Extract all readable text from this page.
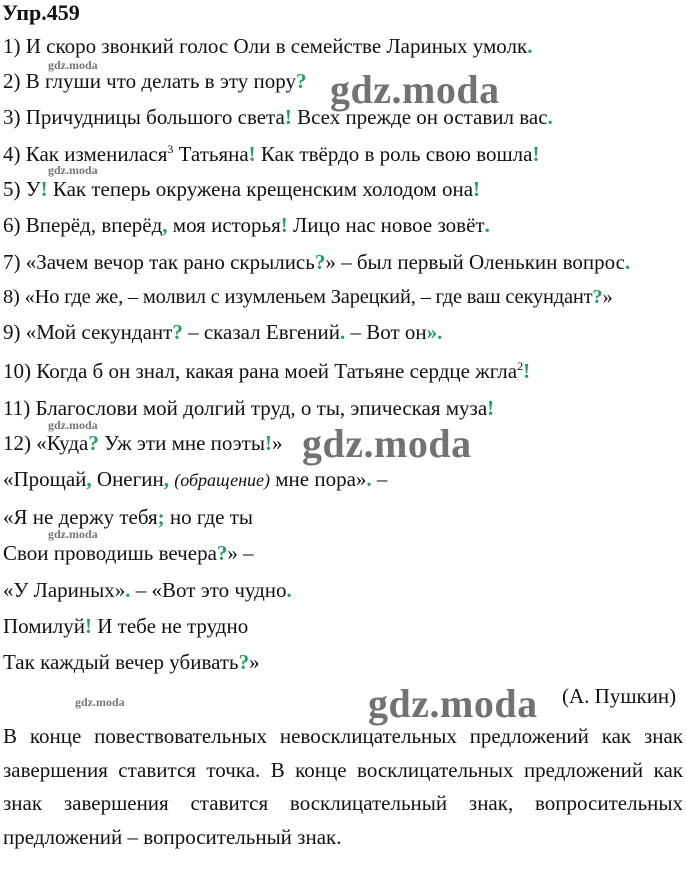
Упр.459
1) И скоро звонкий голос Оли в семействе Лариных умолк.
2) В глуши что делать в эту пору?
3) Причудницы большого света! Всех прежде он оставил вас.
4) Как изменилася$^3$ Татьяна! Как твёрдо в роль свою вошла!
5) У! Как теперь окружена крещенским холодом она!
6) Вперёд, вперёд, моя исторья! Лицо нас новое зовёт.
7) «Зачем вечор так рано скрылись?» – был первый Оленькин вопрос.
8) «Но где же, – молвил с изумленьем Зарецкий, – где ваш секундант?»
9) «Мой секундант? – сказал Евгений. – Вот он».
10) Когда б он знал, какая рана моей Татьяне сердце жгла$^2$!
11) Благослови мой долгий труд, о ты, эпическая муза!
12) «Куда? Уж эти мне поэты!»
«Прощай, Онегин, (обращение) мне пора». –
«Я не держу тебя; но где ты
Свои проводишь вечера?» –
«У Лариных». – «Вот это чудно.
Помилуй! И тебе не трудно
Так каждый вечер убивать?»
(А. Пушкин)
В конце повествовательных невосклицательных предложений как знак завершения ставится точка. В конце восклицательных предложений как знак завершения ставится восклицательный знак, вопросительных предложений – вопросительный знак.
gdz.moda
gdz.moda
gdz.moda
gdz.moda	gdz.moda
gdz.moda
gdz.moda	gdz.moda
